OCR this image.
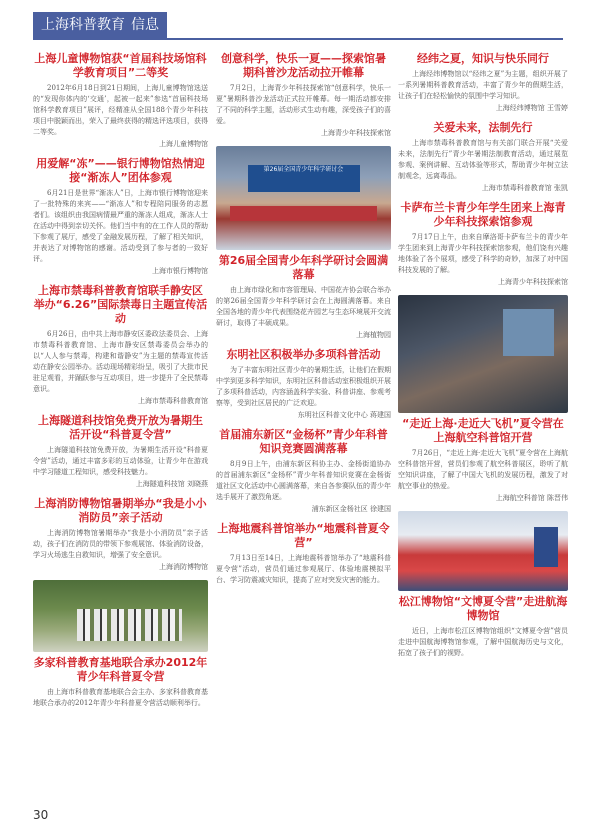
上海科普教育 信息
上海儿童博物馆获“首届科技场馆科学教育项目”二等奖
2012年6月18日到21日期间，上海儿童博物馆选送的“发现你体内的‘交通’，起被一起来”参选“首届科技场馆科学教育项目”展评，经精准从全国188个青少年科技项目中脱颖而出，荣入了最终获得的精选评选项目，获得二等奖。
上海儿童博物馆
用爱解“冻”——银行博物馆热情迎接“渐冻人”团体参观
6月21日是世界“渐冻人”日，上海市银行博物馆迎来了一批特殊的来宾——“渐冻人”和专程陪同服务的志愿者们。该组织由我国病情最严重的渐冻人组成，渐冻人士在活动中得到亲切关怀。他们当中有的在工作人员的帮助下参观了展厅，感受了金融发展历程，了解了相关知识，并表达了对博物馆的感谢。活动受到了参与者的一致好评。
上海市银行博物馆
上海市禁毒科普教育馆联手静安区举办“6.26”国际禁毒日主题宣传活动
6月26日，由中共上海市静安区委政法委员会、上海市禁毒科普教育馆、上海市静安区禁毒委员会举办的以“人人参与禁毒，构建和谐静安”为主题的禁毒宣传活动在静安公园举办。活动现场精彩纷呈，吸引了大批市民驻足观看，并踊跃参与互动项目，进一步提升了全民禁毒意识。
上海市禁毒科普教育馆
上海隧道科技馆免费开放为暑期生活开设“科普夏令营”
上海隧道科技馆免费开放，为暑期生活开设“科普夏令营”活动，通过丰富多彩的互动体验，让青少年在游戏中学习隧道工程知识，感受科技魅力。
上海隧道科技馆 刘晓燕
上海消防博物馆暑期举办“我是小小消防员”亲子活动
上海消防博物馆暑期举办“我是小小消防员”亲子活动，孩子们在消防员的带领下参观展馆、体验消防设备，学习火场逃生自救知识，增强了安全意识。
上海消防博物馆
多家科普教育基地联合承办2012年青少年科普夏令营
由上海市科普教育基地联合会主办、多家科普教育基地联合承办的2012年青少年科普夏令营活动顺利举行。
创意科学，快乐一夏——探索馆暑期科普沙龙活动拉开帷幕
7月2日，上海青少年科技探索馆“创意科学，快乐一夏”暑期科普沙龙活动正式拉开帷幕。每一期活动都安排了不同的科学主题，活动形式生动有趣，深受孩子们的喜爱。
上海青少年科技探索馆
第26届全国青少年科学研讨会
第26届全国青少年科学研讨会圆满落幕
由上海市绿化和市容管理局、中国花卉协会联合举办的第26届全国青少年科学研讨会在上海圆满落幕。来自全国各地的青少年代表围绕花卉园艺与生态环境展开交流研讨，取得了丰硕成果。
上海植物园
东明社区积极举办多项科普活动
为了丰富东明社区青少年的暑期生活，让他们在假期中学到更多科学知识，东明社区科普活动室积极组织开展了多项科普活动，内容涵盖科学实验、科普讲座、参观考察等，受到社区居民的广泛欢迎。
东明社区科普文化中心 蒋建国
首届浦东新区“金杨杯”青少年科普知识竞赛圆满落幕
8月9日上午，由浦东新区科协主办、金杨街道协办的首届浦东新区“金杨杯”青少年科普知识竞赛在金杨街道社区文化活动中心圆满落幕，来自各参赛队伍的青少年选手展开了激烈角逐。
浦东新区金杨社区 徐建国
上海地震科普馆举办“地震科普夏令营”
7月13日至14日，上海地震科普馆举办了“地震科普夏令营”活动，营员们通过参观展厅、体验地震模拟平台、学习防震减灾知识，提高了应对突发灾害的能力。
经纬之夏，知识与快乐同行
上海经纬博物馆以“经纬之夏”为主题，组织开展了一系列暑期科普教育活动，丰富了青少年的假期生活，让孩子们在轻松愉快的氛围中学习知识。
上海经纬博物馆 王雪婷
关爱未来，法制先行
上海市禁毒科普教育馆与有关部门联合开展“关爱未来，法制先行”青少年暑期法制教育活动，通过展览参观、案例讲解、互动体验等形式，帮助青少年树立法制观念，远离毒品。
上海市禁毒科普教育馆 张凯
卡萨布兰卡青少年学生团来上海青少年科技探索馆参观
7月17日上午，由来自摩洛哥卡萨布兰卡的青少年学生团来到上海青少年科技探索馆参观，他们饶有兴趣地体验了各个展项，感受了科学的奇妙，加深了对中国科技发展的了解。
上海青少年科技探索馆
“走近上海·走近大飞机”夏令营在上海航空科普馆开营
7月26日，“走近上海·走近大飞机”夏令营在上海航空科普馆开营，营员们参观了航空科普展区，聆听了航空知识讲座，了解了中国大飞机的发展历程，激发了对航空事业的热爱。
上海航空科普馆 陈晋伟
松江博物馆“文博夏令营”走进航海博物馆
近日，上海市松江区博物馆组织“文博夏令营”营员走进中国航海博物馆参观，了解中国航海历史与文化，拓宽了孩子们的视野。
30
